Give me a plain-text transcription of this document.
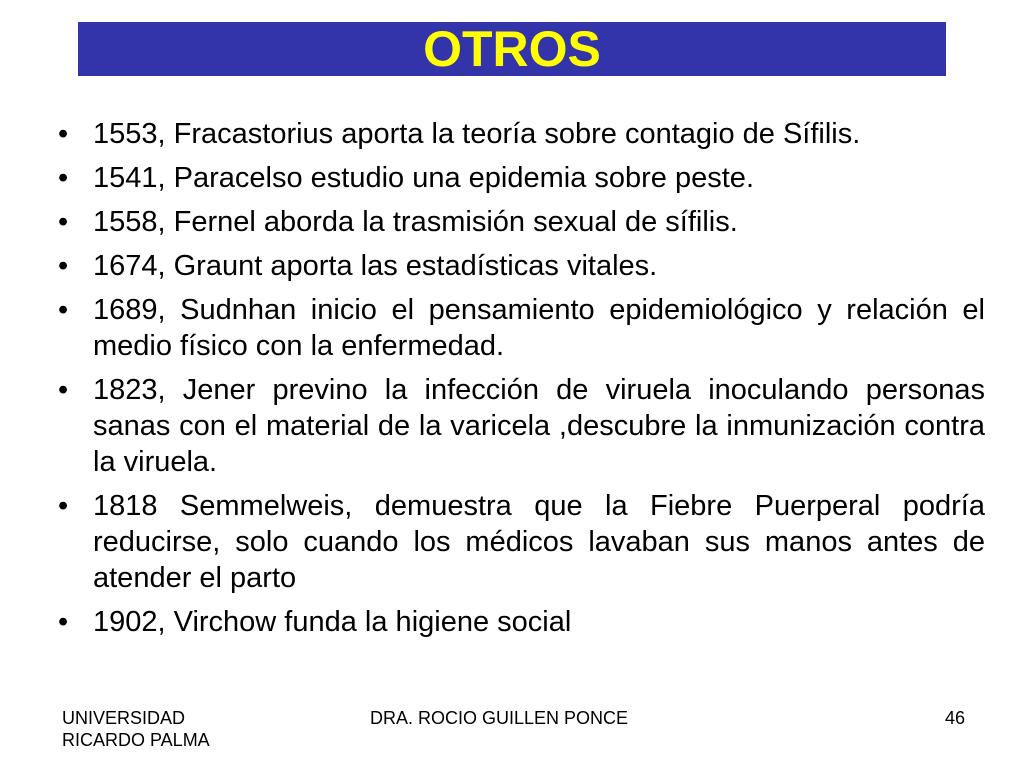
OTROS
• 1553, Fracastorius aporta la teoría sobre contagio de Sífilis.
• 1541, Paracelso estudio una epidemia sobre peste.
• 1558, Fernel aborda la trasmisión sexual de sífilis.
• 1674, Graunt aporta las estadísticas vitales.
• 1689, Sudnhan inicio el pensamiento epidemiológico y relación el medio físico con la enfermedad.
• 1823, Jener previno la infección de viruela inoculando personas sanas con el material de la varicela ,descubre la inmunización contra la viruela.
• 1818 Semmelweis, demuestra que la Fiebre Puerperal podría reducirse, solo cuando los médicos lavaban sus manos antes de atender el parto
• 1902, Virchow funda la higiene social
UNIVERSIDAD
RICARDO PALMA
DRA. ROCIO GUILLEN PONCE	46
